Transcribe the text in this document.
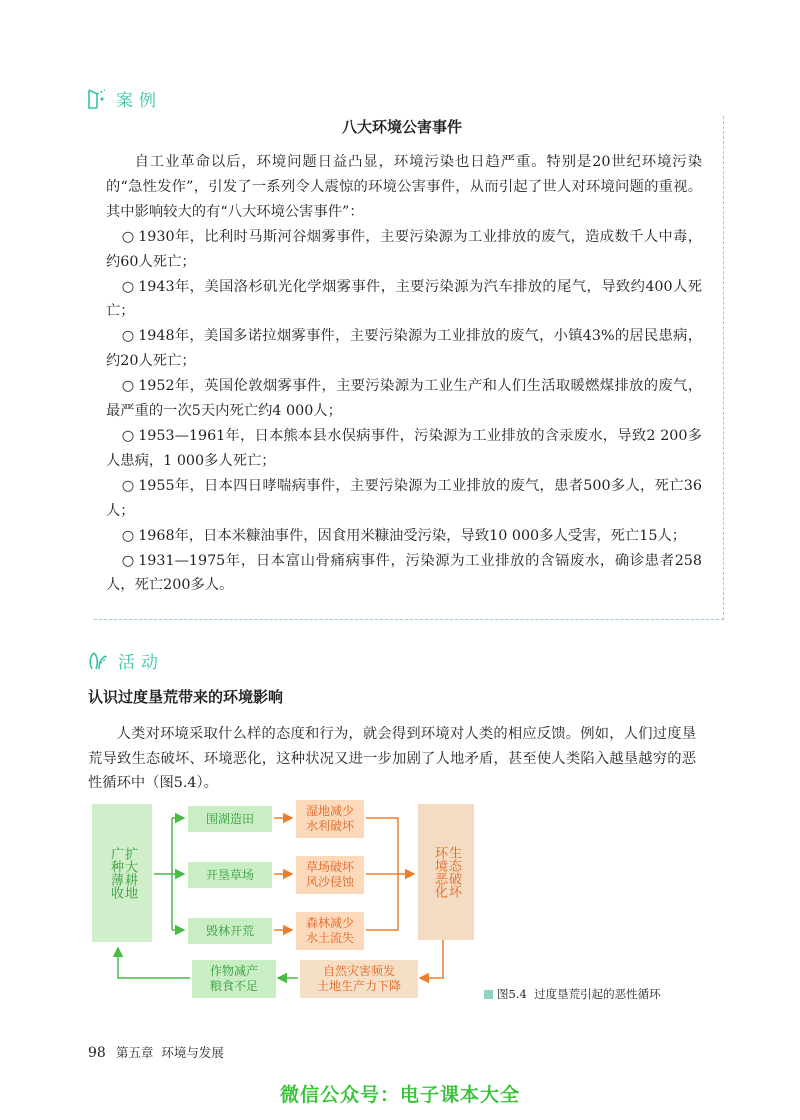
案例
八大环境公害事件

自工业革命以后，环境问题日益凸显，环境污染也日趋严重。特别是20世纪环境污染的“急性发作”，引发了一系列令人震惊的环境公害事件，从而引起了世人对环境问题的重视。其中影响较大的有“八大环境公害事件”：

○ 1930年，比利时马斯河谷烟雾事件，主要污染源为工业排放的废气，造成数千人中毒，约60人死亡；

○ 1943年，美国洛杉矶光化学烟雾事件，主要污染源为汽车排放的尾气，导致约400人死亡；

○ 1948年，美国多诺拉烟雾事件，主要污染源为工业排放的废气，小镇43%的居民患病，约20人死亡；

○ 1952年，英国伦敦烟雾事件，主要污染源为工业生产和人们生活取暖燃煤排放的废气，最严重的一次5天内死亡约4 000人；

○ 1953—1961年，日本熊本县水俣病事件，污染源为工业排放的含汞废水，导致2 200多人患病，1 000多人死亡；

○ 1955年，日本四日哮喘病事件，主要污染源为工业排放的废气，患者500多人，死亡36人；

○ 1968年，日本米糠油事件，因食用米糠油受污染，导致10 000多人受害，死亡15人；

○ 1931—1975年，日本富山骨痛病事件，污染源为工业排放的含镉废水，确诊患者258人，死亡200多人。

活动
认识过度垦荒带来的环境影响
人类对环境采取什么样的态度和行为，就会得到环境对人类的相应反馈。例如，人们过度垦荒导致生态破坏、环境恶化，这种状况又进一步加剧了人地矛盾，甚至使人类陷入越垦越穷的恶性循环中（图5.4）。
扩大耕地广种薄收
围湖造田
开垦草场
毁林开荒
湿地减少
水利破坏
草场破坏
风沙侵蚀
森林减少
水土流失
生态破坏环境恶化
自然灾害频发
土地生产力下降
作物减产
粮食不足
图5.4 过度垦荒引起的恶性循环
98 第五章 环境与发展
微信公众号：电子课本大全
